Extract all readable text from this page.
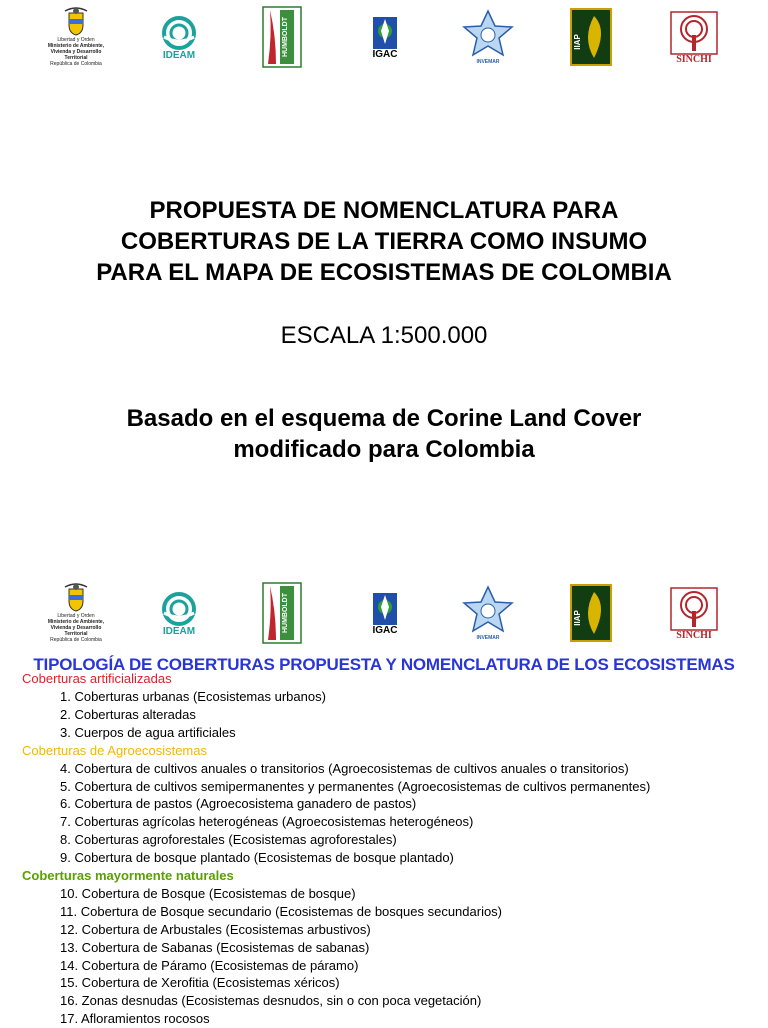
Libertad y Orden
Ministerio de Ambiente,
Vivienda y Desarrollo Territorial
República de Colombia
IDEAM	HUMBOLDT	IGAC
INVEMAR
IIAP
SINCHI
PROPUESTA DE NOMENCLATURA PARA
COBERTURAS DE LA TIERRA COMO INSUMO
PARA EL MAPA DE ECOSISTEMAS DE COLOMBIA
ESCALA 1:500.000
Basado en el esquema de Corine Land Cover
modificado para Colombia
Libertad y Orden
Ministerio de Ambiente,
Vivienda y Desarrollo Territorial
República de Colombia
IDEAM	HUMBOLDT	IGAC
INVEMAR
IIAP
SINCHI
TIPOLOGÍA DE COBERTURAS PROPUESTA Y NOMENCLATURA DE LOS ECOSISTEMAS
Coberturas artificializadas
1. Coberturas urbanas (Ecosistemas urbanos)
2. Coberturas alteradas
3. Cuerpos de agua artificiales
Coberturas de Agroecosistemas
4. Cobertura de cultivos anuales o transitorios (Agroecosistemas de cultivos anuales o transitorios)
5. Cobertura de cultivos semipermanentes y permanentes (Agroecosistemas de cultivos permanentes)
6. Cobertura de pastos (Agroecosistema ganadero de pastos)
7. Coberturas agrícolas heterogéneas (Agroecosistemas heterogéneos)
8. Coberturas agroforestales (Ecosistemas agroforestales)
9. Cobertura de bosque plantado (Ecosistemas de bosque plantado)
Coberturas mayormente naturales
10. Cobertura de Bosque (Ecosistemas de bosque)
11. Cobertura de Bosque secundario (Ecosistemas de bosques secundarios)
12. Cobertura de Arbustales (Ecosistemas arbustivos)
13. Cobertura de Sabanas (Ecosistemas de sabanas)
14. Cobertura de Páramo (Ecosistemas de páramo)
15. Cobertura de Xerofitia (Ecosistemas xéricos)
16. Zonas desnudas (Ecosistemas desnudos, sin o con poca vegetación)
17. Afloramientos rocosos
